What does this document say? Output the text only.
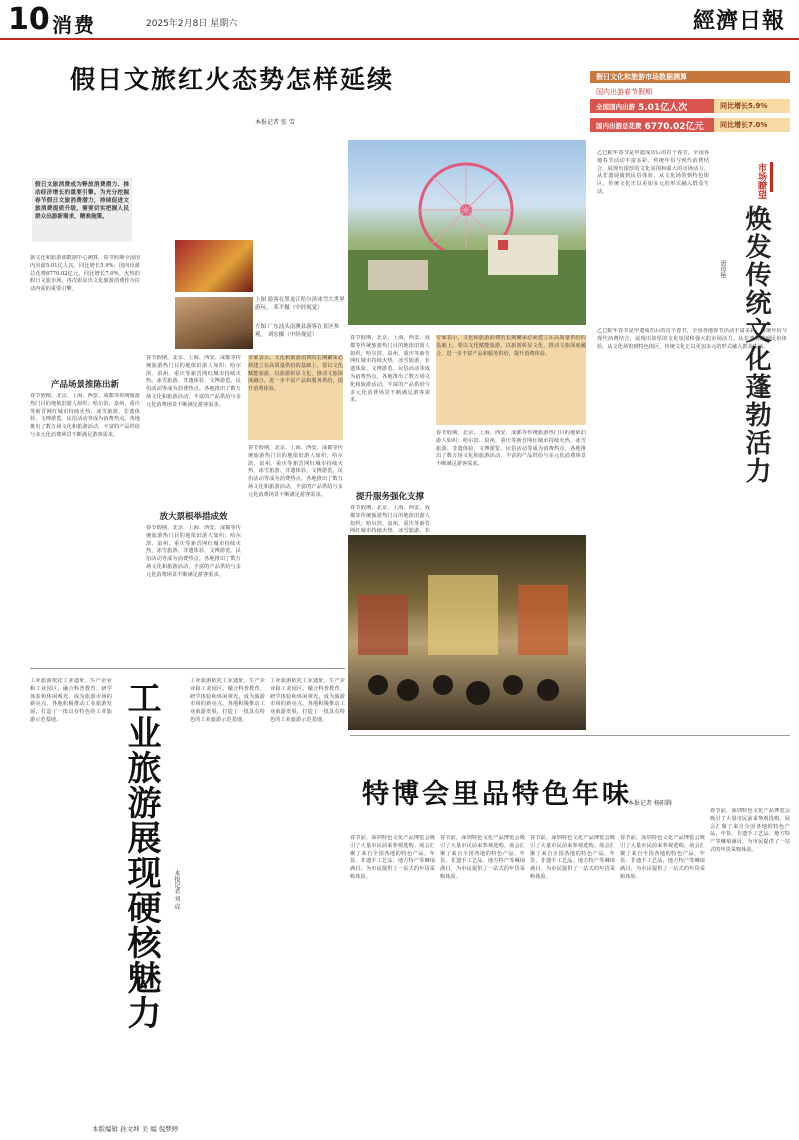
10 消费	2025年2月8日 星期六	經濟日報
假日文旅红火态势怎样延续
本报记者 张 雪
假日文旅消费成为释放消费潜力、推动经济增长的重要引擎。为充分挖掘春节假日文旅消费潜力，持续促进文旅消费提质升级，需要切实把握人民群众出游新需求，精准施策。
假日文化和旅游市场数据测算
国内出游春节假期
全国国内出游 5.01亿人次	同比增长5.9%
国内出游总花费 6770.02亿元	同比增长7.0%
上图 游客在黑龙江哈尔滨冰雪大世界游玩。 邓平摄（中经视觉）
左图 广东汕头南澳县游客在景区参观。 刘宏摄（中经视觉）
据文化和旅游部数据中心测算，春节假期全国国内出游5.01亿人次，同比增长5.9%；国内出游总花费6770.02亿元，同比增长7.0%。火热的假日文旅市场，再次彰显出文化旅游消费作为拉动内需的重要引擎。
产品场景推陈出新
春节假期，北京、上海、西安、成都等传统旅游热门目的地依旧游人如织；哈尔滨、泉州、重庆等新晋网红城市持续火热，冰雪旅游、非遗体验、文博游览、民俗活动等成为消费热点。各地推出了数万场文化和旅游活动，丰富的产品供给与多元化消费场景不断满足游客需求。
春节假期，北京、上海、西安、成都等传统旅游热门目的地依旧游人如织；哈尔滨、泉州、重庆等新晋网红城市持续火热，冰雪旅游、非遗体验、文博游览、民俗活动等成为消费热点。各地推出了数万场文化和旅游活动，丰富的产品供给与多元化消费场景不断满足游客需求。
放大票根举措成效
春节假期，北京、上海、西安、成都等传统旅游热门目的地依旧游人如织；哈尔滨、泉州、重庆等新晋网红城市持续火热，冰雪旅游、非遗体验、文博游览、民俗活动等成为消费热点。各地推出了数万场文化和旅游活动，丰富的产品供给与多元化消费场景不断满足游客需求。
专家表示，文化和旅游消费的长期繁荣必须建立在高质量供给的基础上。要以文化赋能旅游，以旅游彰显文化，推动文旅深度融合，进一步丰富产品和服务供给，提升消费体验。
春节假期，北京、上海、西安、成都等传统旅游热门目的地依旧游人如织；哈尔滨、泉州、重庆等新晋网红城市持续火热，冰雪旅游、非遗体验、文博游览、民俗活动等成为消费热点。各地推出了数万场文化和旅游活动，丰富的产品供给与多元化消费场景不断满足游客需求。
春节假期，北京、上海、西安、成都等传统旅游热门目的地依旧游人如织；哈尔滨、泉州、重庆等新晋网红城市持续火热，冰雪旅游、非遗体验、文博游览、民俗活动等成为消费热点。各地推出了数万场文化和旅游活动，丰富的产品供给与多元化消费场景不断满足游客需求。
提升服务强化支撑
春节假期，北京、上海、西安、成都等传统旅游热门目的地依旧游人如织；哈尔滨、泉州、重庆等新晋网红城市持续火热，冰雪旅游、非
专家表示，文化和旅游消费的长期繁荣必须建立在高质量供给的基础上。要以文化赋能旅游，以旅游彰显文化，推动文旅深度融合，进一步丰富产品和服务供给，提升消费体验。
春节假期，北京、上海、西安、成都等传统旅游热门目的地依旧游人如织；哈尔滨、泉州、重庆等新晋网红城市持续火热，冰雪旅游、非遗体验、文博游览、民俗活动等成为消费热点。各地推出了数万场文化和旅游活动，丰富的产品供给与多元化消费场景不断满足游客需求。
市场瞭望
焕发传统文化蓬勃活力
唐琼艳
乙巳蛇年春节是申遗成功后的首个春节，全国各地春节活动丰富多彩。传统年俗与现代消费结合，展现出浓厚的文化氛围和强大的市场活力。从非遗展演到民俗体验，从文化场馆到特色街区，传统文化正以更加多元的形式融入群众生活。
乙巳蛇年春节是申遗成功后的首个春节，全国各地春节活动丰富多彩。传统年俗与现代消费结合，展现出浓厚的文化氛围和强大的市场活力。从非遗展演到民俗体验，从文化场馆到特色街区，传统文化正以更加多元的形式融入群众生活。
工业旅游依托工业遗址、生产企业和工业园区，融合科普教育、研学体验和休闲观光，成为旅游市场的新亮点。各地积极推动工业旅游发展，打造了一批具有特色的工业旅游示范基地。	工业旅游展现硬核魅力	本报记者 刘 成
工业旅游依托工业遗址、生产企业和工业园区，融合科普教育、研学体验和休闲观光，成为旅游市场的新亮点。各地积极推动工业旅游发展，打造了一批具有特色的工业旅游示范基地。
工业旅游依托工业遗址、生产企业和工业园区，融合科普教育、研学体验和休闲观光，成为旅游市场的新亮点。各地积极推动工业旅游发展，打造了一批具有特色的工业旅游示范基地。
特博会里品特色年味
本报记者 杨阳腾
春节前，深圳特色文化产品博览会吸引了大量市民前来参观选购。展会汇聚了来自全国各地的特色产品，年货、非遗手工艺品、地方特产等琳琅满目，为市民提供了一站式的年货采购体验。
春节前，深圳特色文化产品博览会吸引了大量市民前来参观选购。展会汇聚了来自全国各地的特色产品，年货、非遗手工艺品、地方特产等琳琅满目，为市民提供了一站式的年货采购体验。
春节前，深圳特色文化产品博览会吸引了大量市民前来参观选购。展会汇聚了来自全国各地的特色产品，年货、非遗手工艺品、地方特产等琳琅满目，为市民提供了一站式的年货采购体验。
春节前，深圳特色文化产品博览会吸引了大量市民前来参观选购。展会汇聚了来自全国各地的特色产品，年货、非遗手工艺品、地方特产等琳琅满目，为市民提供了一站式的年货采购体验。
春节前，深圳特色文化产品博览会吸引了大量市民前来参观选购。展会汇聚了来自全国各地的特色产品，年货、非遗手工艺品、地方特产等琳琅满目，为市民提供了一站式的年货采购体验。
本版编辑 孙文坤 美 编 倪梦婷
